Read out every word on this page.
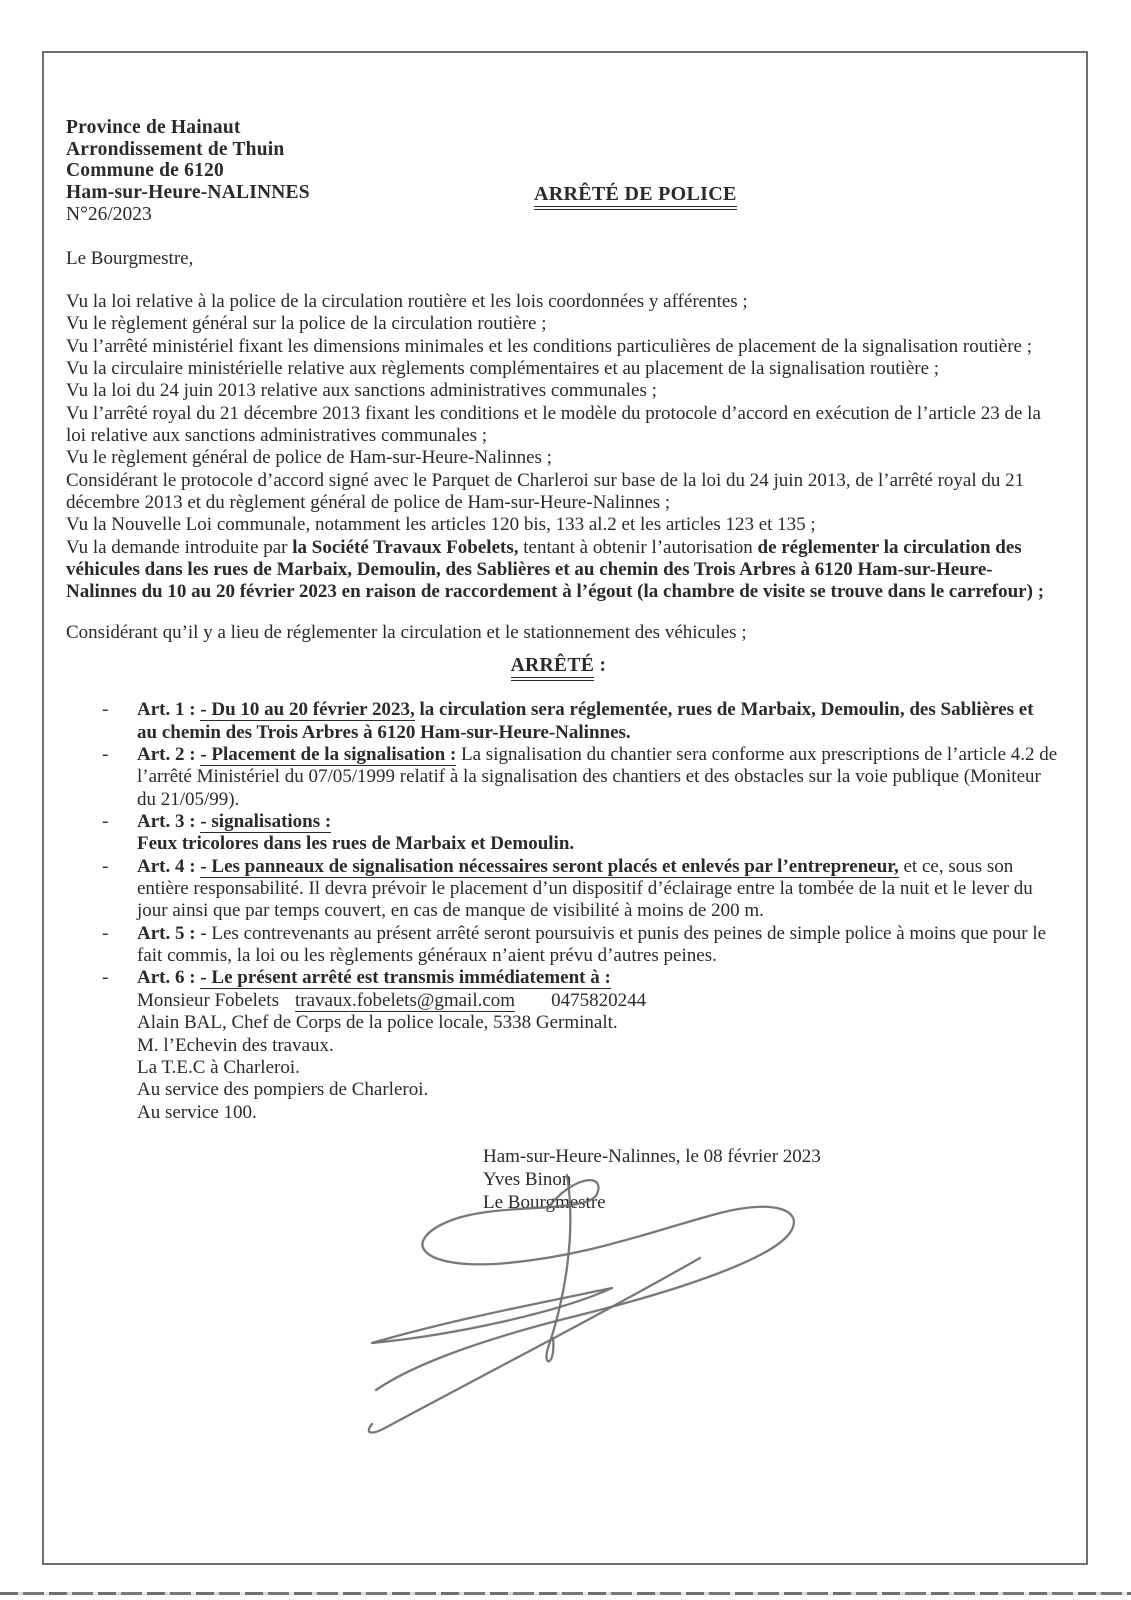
Province de Hainaut
Arrondissement de Thuin
Commune de 6120
Ham-sur-Heure-NALINNES
N°26/2023
ARRÊTÉ DE POLICE
Le Bourgmestre,
Vu la loi relative à la police de la circulation routière et les lois coordonnées y afférentes ;
Vu le règlement général sur la police de la circulation routière ;
Vu l’arrêté ministériel fixant les dimensions minimales et les conditions particulières de placement de la signalisation routière ;
Vu la circulaire ministérielle relative aux règlements complémentaires et au placement de la signalisation routière ;
Vu la loi du 24 juin 2013 relative aux sanctions administratives communales ;
Vu l’arrêté royal du 21 décembre 2013 fixant les conditions et le modèle du protocole d’accord en exécution de l’article 23 de la
loi relative aux sanctions administratives communales ;
Vu le règlement général de police de Ham-sur-Heure-Nalinnes ;
Considérant le protocole d’accord signé avec le Parquet de Charleroi sur base de la loi du 24 juin 2013, de l’arrêté royal du 21
décembre 2013 et du règlement général de police de Ham-sur-Heure-Nalinnes ;
Vu la Nouvelle Loi communale, notamment les articles 120 bis, 133 al.2 et les articles 123 et 135 ;
Vu la demande introduite par la Société Travaux Fobelets, tentant à obtenir l’autorisation de réglementer la circulation des
véhicules dans les rues de Marbaix, Demoulin, des Sablières et au chemin des Trois Arbres à 6120 Ham-sur-Heure-
Nalinnes du 10 au 20 février 2023 en raison de raccordement à l’égout (la chambre de visite se trouve dans le carrefour) ;
Considérant qu’il y a lieu de réglementer la circulation et le stationnement des véhicules ;
ARRÊTÉ :
- Art. 1 : - Du 10 au 20 février 2023, la circulation sera réglementée, rues de Marbaix, Demoulin, des Sablières et
au chemin des Trois Arbres à 6120 Ham-sur-Heure-Nalinnes.
- Art. 2 : - Placement de la signalisation : La signalisation du chantier sera conforme aux prescriptions de l’article 4.2 de
l’arrêté Ministériel du 07/05/1999 relatif à la signalisation des chantiers et des obstacles sur la voie publique (Moniteur
du 21/05/99).
- Art. 3 : - signalisations :
Feux tricolores dans les rues de Marbaix et Demoulin.
- Art. 4 : - Les panneaux de signalisation nécessaires seront placés et enlevés par l’entrepreneur, et ce, sous son
entière responsabilité. Il devra prévoir le placement d’un dispositif d’éclairage entre la tombée de la nuit et le lever du
jour ainsi que par temps couvert, en cas de manque de visibilité à moins de 200 m.
- Art. 5 : - Les contrevenants au présent arrêté seront poursuivis et punis des peines de simple police à moins que pour le
fait commis, la loi ou les règlements généraux n’aient prévu d’autres peines.
- Art. 6 : - Le présent arrêté est transmis immédiatement à :
Monsieur Fobelets travaux.fobelets@gmail.com 0475820244
Alain BAL, Chef de Corps de la police locale, 5338 Germinalt.
M. l’Echevin des travaux.
La T.E.C à Charleroi.
Au service des pompiers de Charleroi.
Au service 100.
Ham-sur-Heure-Nalinnes, le 08 février 2023
Yves Binon
Le Bourgmestre
